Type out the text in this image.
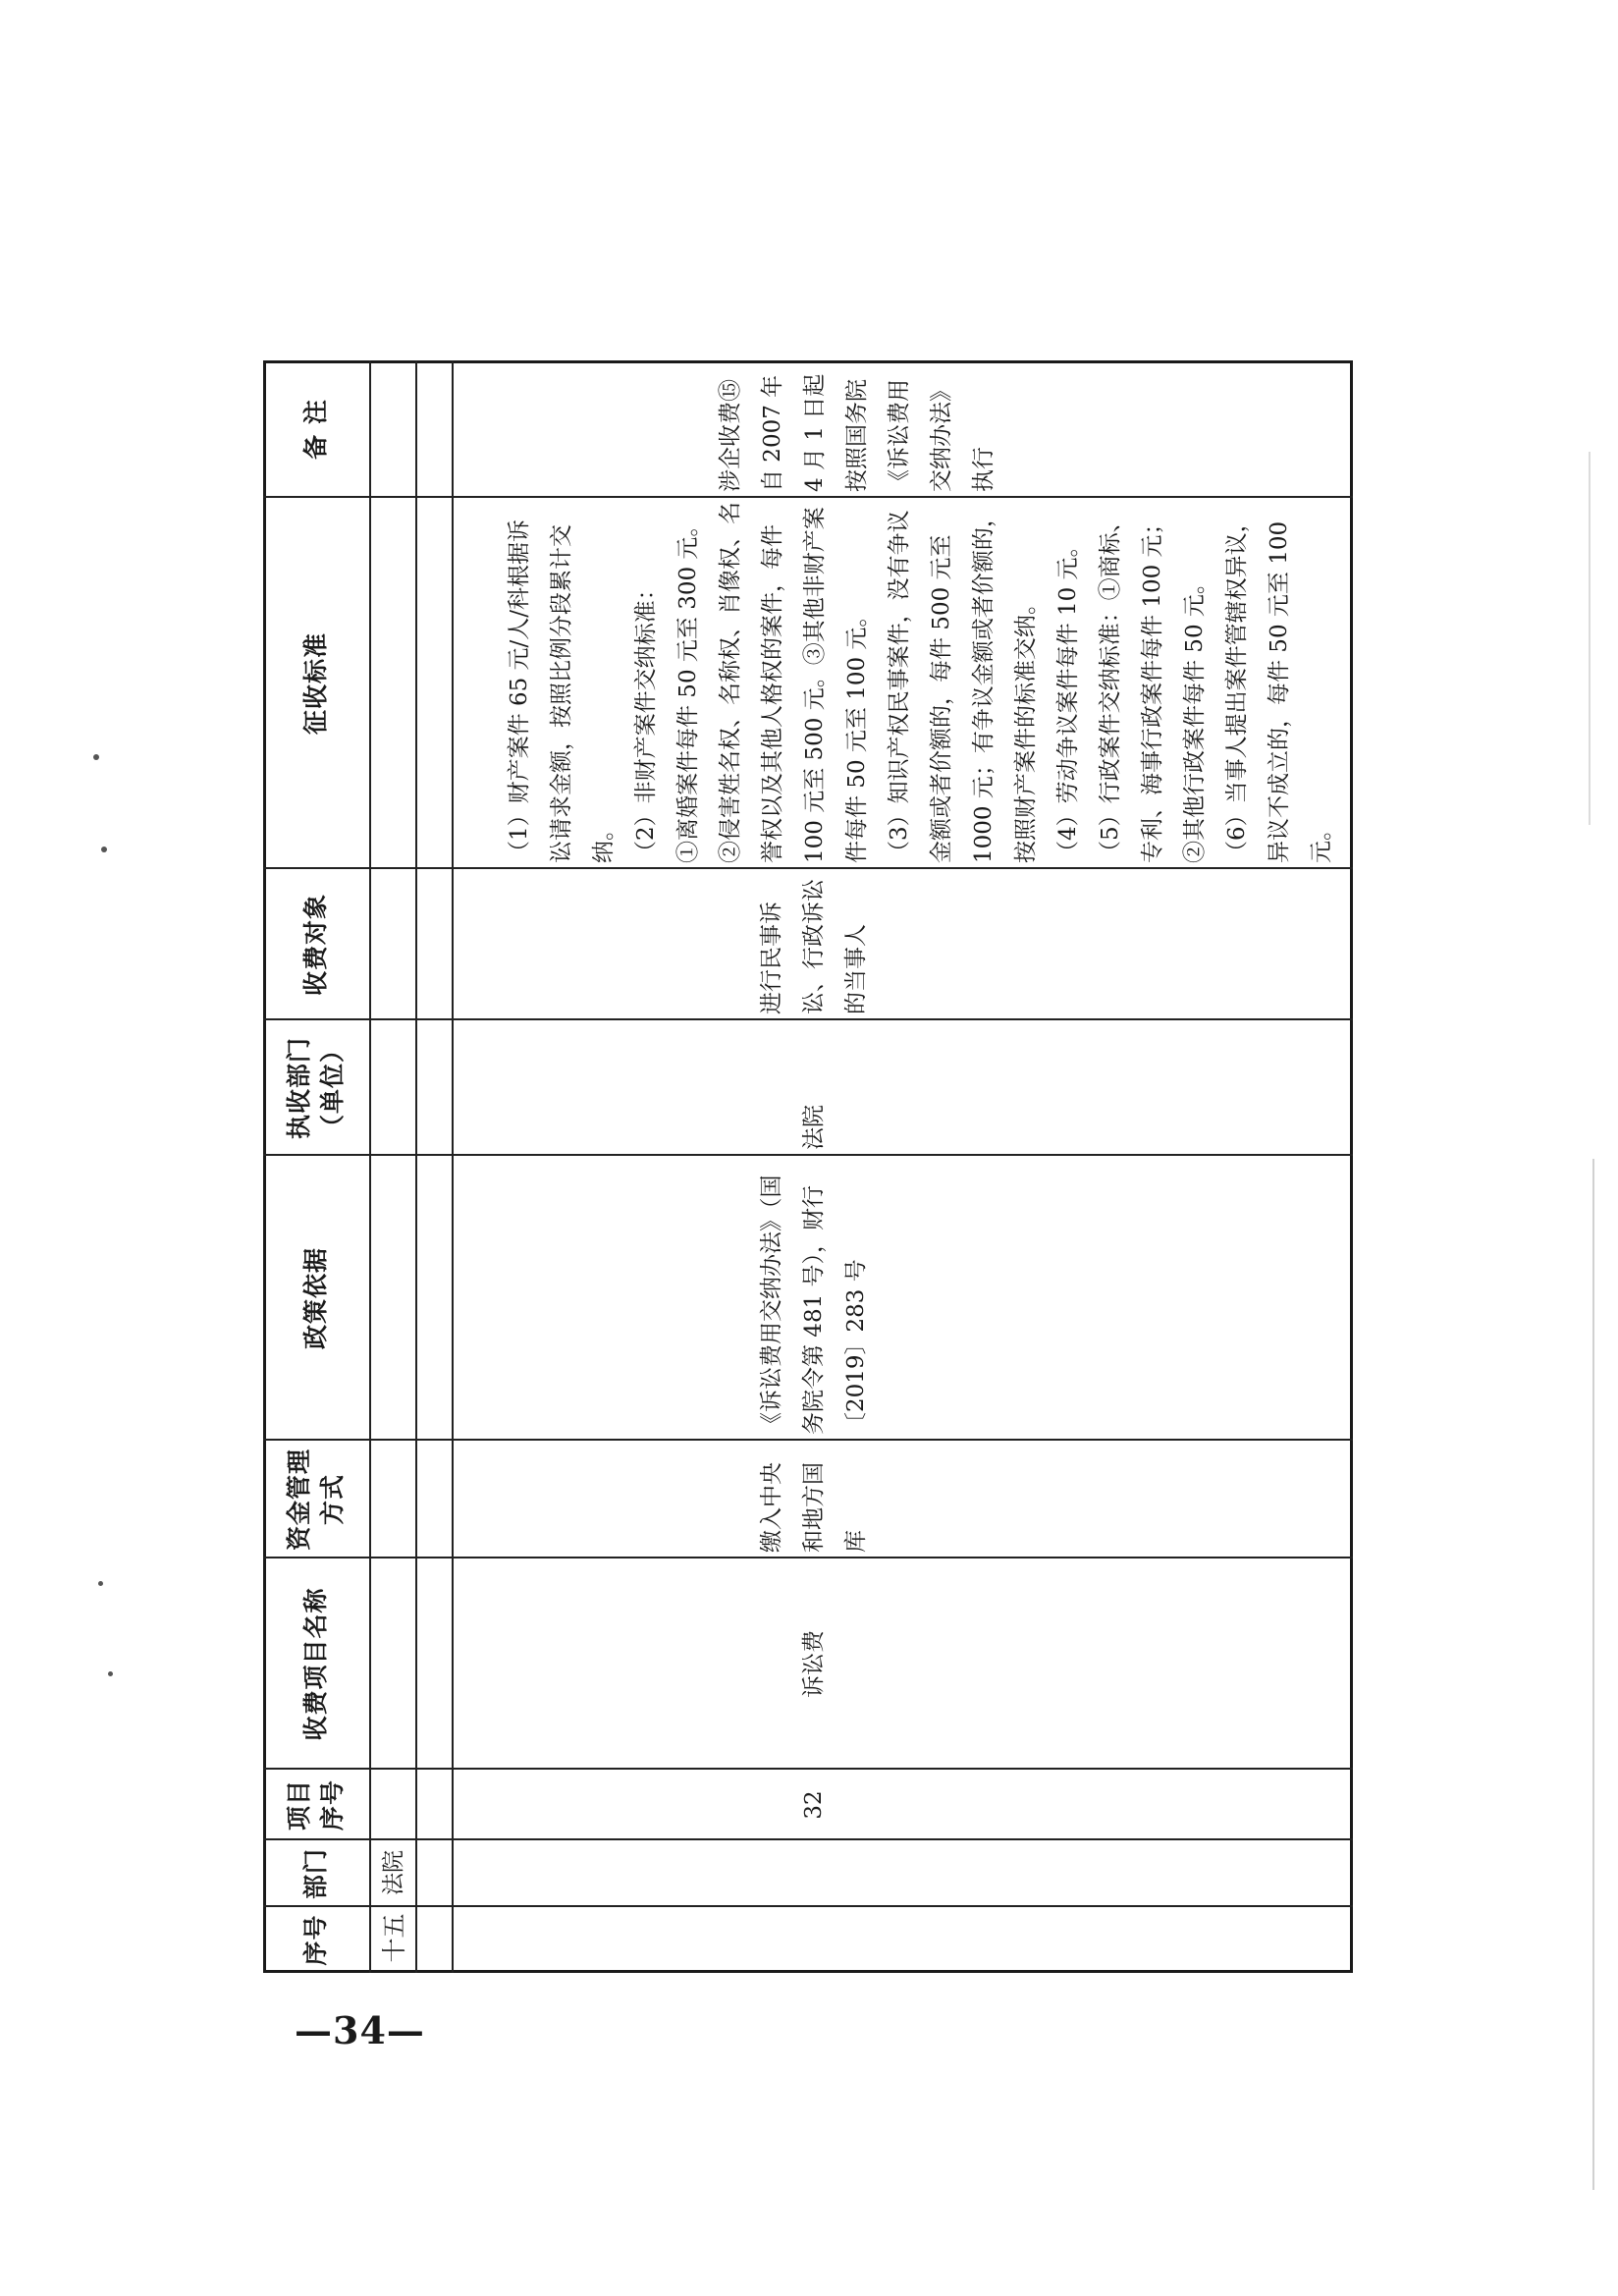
序号
部门
项目
序号
收费项目名称
资金管理
方式
政策依据
执收部门
（单位）
收费对象
征收标准
备 注
十五
法院
32
诉讼费
缴入中央和地方国库
《诉讼费用交纳办法》（国务院令第 481 号），财行〔2019〕283 号
法院
进行民事诉讼、行政诉讼的当事人
（1）财产案件 65 元/人/科根据诉讼请求金额，按照比例分段累计交纳。 （2）非财产案件交纳标准： ①离婚案件每件 50 元至 300 元。②侵害姓名权、名称权、肖像权、名誉权以及其他人格权的案件，每件 100 元至 500 元。③其他非财产案件每件 50 元至 100 元。 （3）知识产权民事案件，没有争议金额或者价额的，每件 500 元至 1000 元；有争议金额或者价额的，按照财产案件的标准交纳。 （4）劳动争议案件每件 10 元。 （5）行政案件交纳标准：①商标、专利、海事行政案件每件 100 元；②其他行政案件每件 50 元。 （6）当事人提出案件管辖权异议，异议不成立的，每件 50 元至 100 元。
涉企收费⑮ 自 2007 年 4 月 1 日起按照国务院《诉讼费用交纳办法》执行
—34—
